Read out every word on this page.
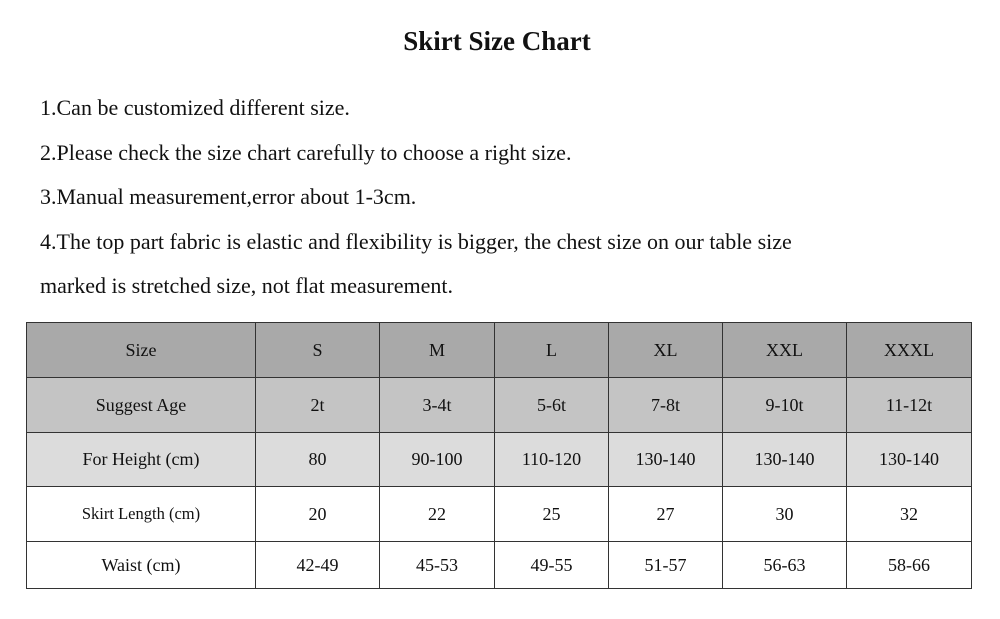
Skirt Size Chart
1.Can be customized different size.
2.Please check the size chart carefully to choose a right size.
3.Manual measurement,error about 1-3cm.
4.The top part fabric is elastic and flexibility is bigger, the chest size on our table size
marked is stretched size, not flat measurement.
Size	S	M	L	XL	XXL	XXXL
Suggest Age	2t	3-4t	5-6t	7-8t	9-10t	11-12t
For Height (cm)	80	90-100	110-120	130-140	130-140	130-140
Skirt Length (cm)	20	22	25	27	30	32
Waist (cm)	42-49	45-53	49-55	51-57	56-63	58-66
